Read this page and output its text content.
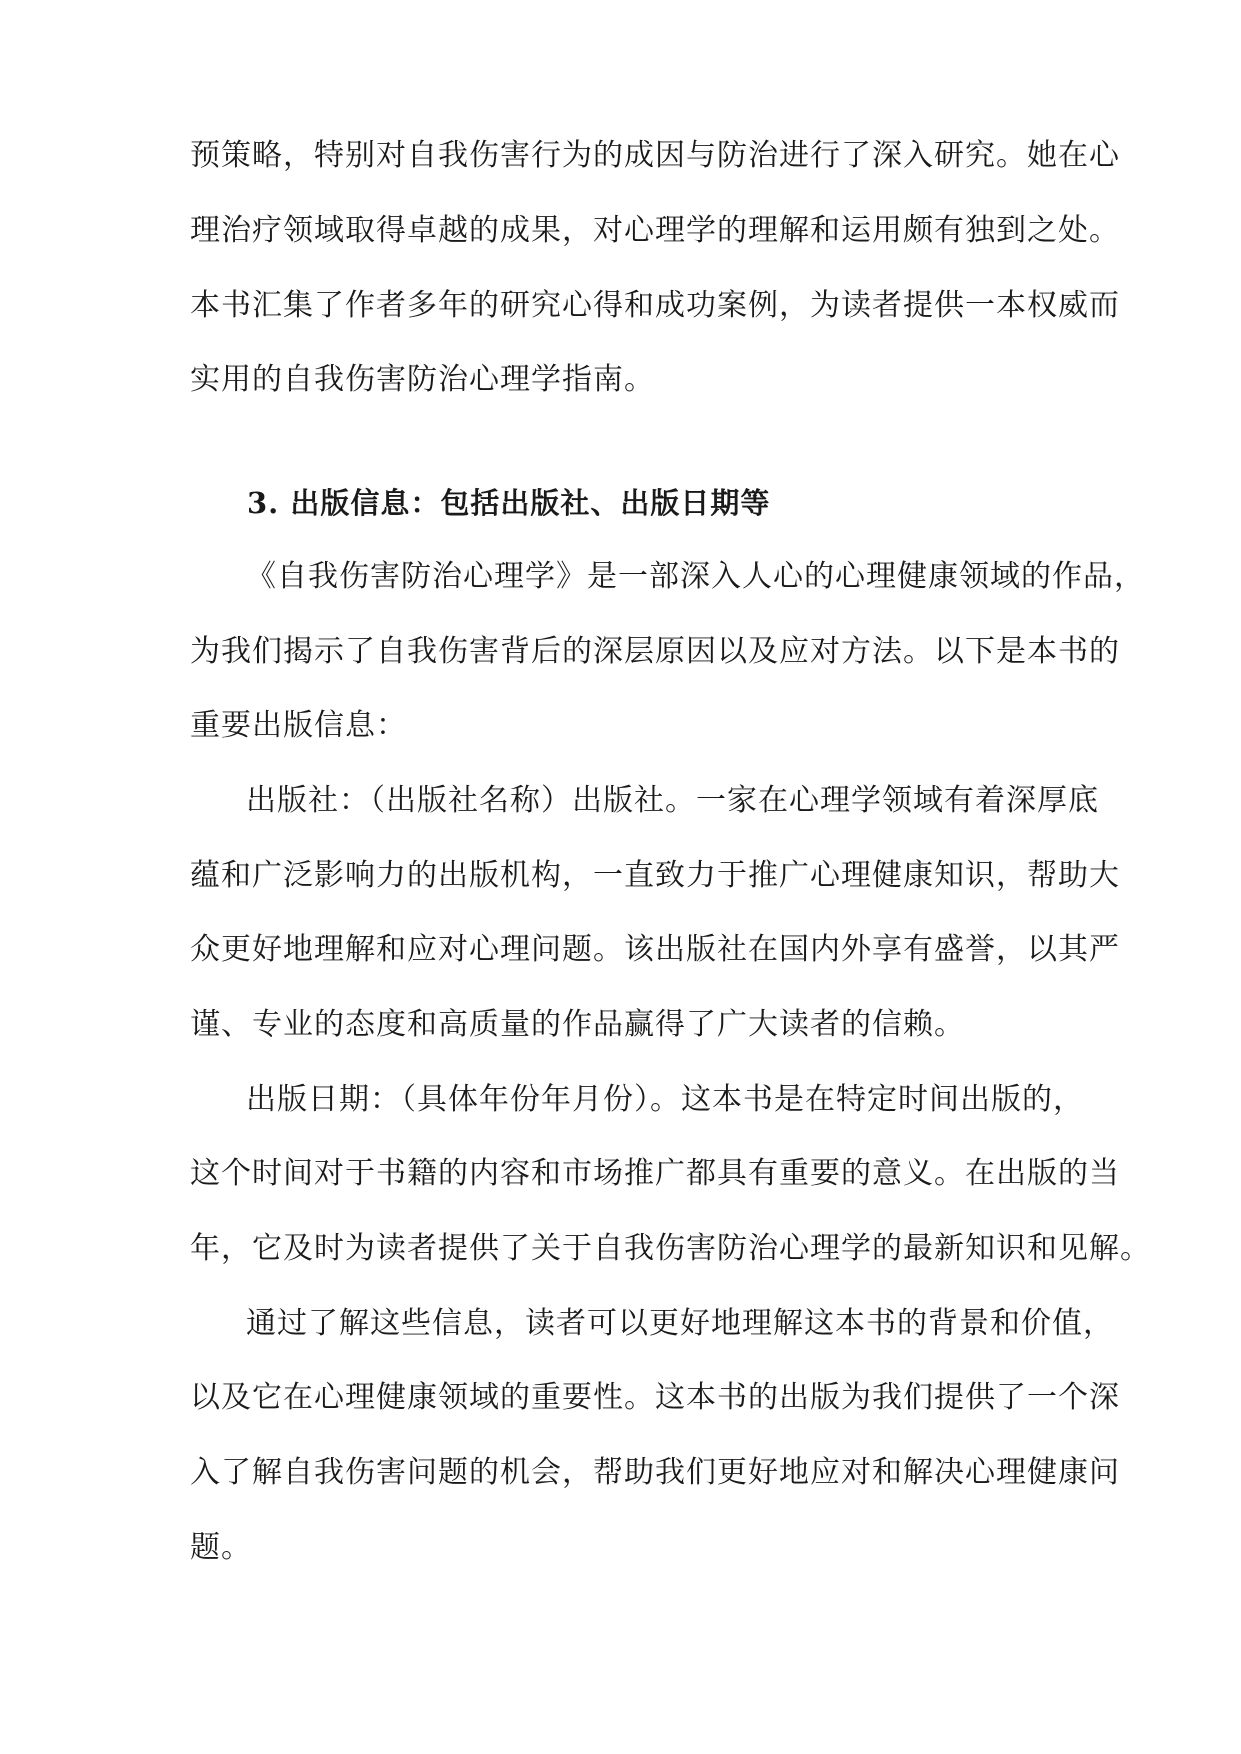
预策略，特别对自我伤害行为的成因与防治进行了深入研究。她在心
理治疗领域取得卓越的成果，对心理学的理解和运用颇有独到之处。
本书汇集了作者多年的研究心得和成功案例，为读者提供一本权威而
实用的自我伤害防治心理学指南。
3. 出版信息：包括出版社、出版日期等
《自我伤害防治心理学》是一部深入人心的心理健康领域的作品，
为我们揭示了自我伤害背后的深层原因以及应对方法。以下是本书的
重要出版信息：
出版社：（出版社名称）出版社。一家在心理学领域有着深厚底
蕴和广泛影响力的出版机构，一直致力于推广心理健康知识，帮助大
众更好地理解和应对心理问题。该出版社在国内外享有盛誉，以其严
谨、专业的态度和高质量的作品赢得了广大读者的信赖。
出版日期：（具体年份年月份）。这本书是在特定时间出版的，
这个时间对于书籍的内容和市场推广都具有重要的意义。在出版的当
年，它及时为读者提供了关于自我伤害防治心理学的最新知识和见解。
通过了解这些信息，读者可以更好地理解这本书的背景和价值，
以及它在心理健康领域的重要性。这本书的出版为我们提供了一个深
入了解自我伤害问题的机会，帮助我们更好地应对和解决心理健康问
题。
